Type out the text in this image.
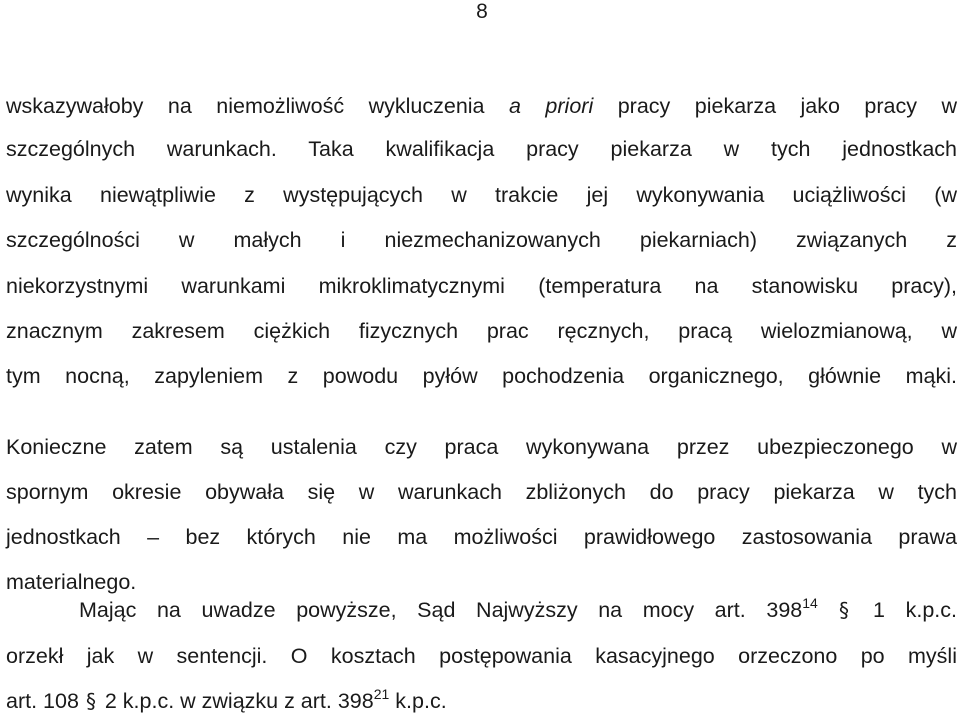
8
wskazywałoby na niemożliwość wykluczenia a priori pracy piekarza jako pracy w
szczególnych warunkach. Taka kwalifikacja pracy piekarza w tych jednostkach
wynika niewątpliwie z występujących w trakcie jej wykonywania uciążliwości (w
szczególności w małych i niezmechanizowanych piekarniach) związanych z
niekorzystnymi warunkami mikroklimatycznymi (temperatura na stanowisku pracy),
znacznym zakresem ciężkich fizycznych prac ręcznych, pracą wielozmianową, w
tym nocną, zapyleniem z powodu pyłów pochodzenia organicznego, głównie mąki.
Konieczne zatem są ustalenia czy praca wykonywana przez ubezpieczonego w
spornym okresie obywała się w warunkach zbliżonych do pracy piekarza w tych
jednostkach – bez których nie ma możliwości prawidłowego zastosowania prawa
materialnego.
Mając na uwadze powyższe, Sąd Najwyższy na mocy art. $398^{14}$ § 1 k.p.c.
orzekł jak w sentencji. O kosztach postępowania kasacyjnego orzeczono po myśli
art. 108 § 2 k.p.c. w związku z art. $398^{21}$ k.p.c.
